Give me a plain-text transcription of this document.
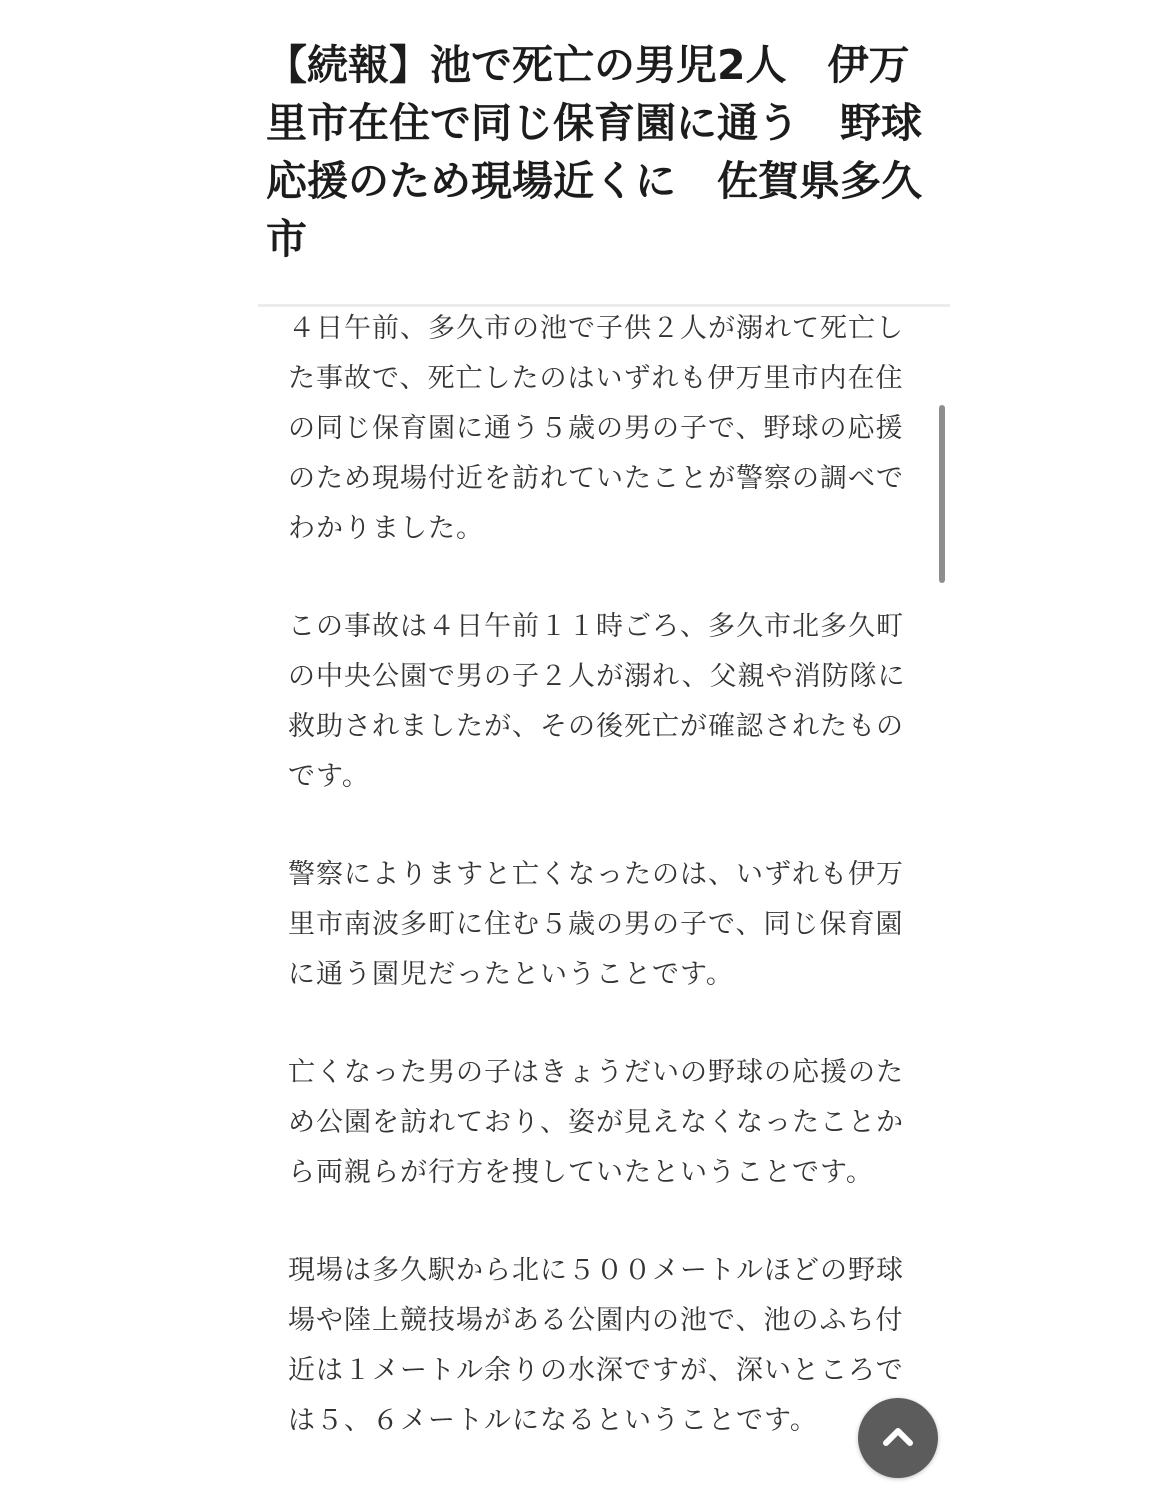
【続報】池で死亡の男児2人　伊万里市在住で同じ保育園に通う　野球応援のため現場近くに　佐賀県多久市

４日午前、多久市の池で子供２人が溺れて死亡した事故で、死亡したのはいずれも伊万里市内在住の同じ保育園に通う５歳の男の子で、野球の応援のため現場付近を訪れていたことが警察の調べでわかりました。

この事故は４日午前１１時ごろ、多久市北多久町の中央公園で男の子２人が溺れ、父親や消防隊に救助されましたが、その後死亡が確認されたものです。

警察によりますと亡くなったのは、いずれも伊万里市南波多町に住む５歳の男の子で、同じ保育園に通う園児だったということです。

亡くなった男の子はきょうだいの野球の応援のため公園を訪れており、姿が見えなくなったことから両親らが行方を捜していたということです。

現場は多久駅から北に５００メートルほどの野球場や陸上競技場がある公園内の池で、池のふち付近は１メートル余りの水深ですが、深いところでは５、６メートルになるということです。
